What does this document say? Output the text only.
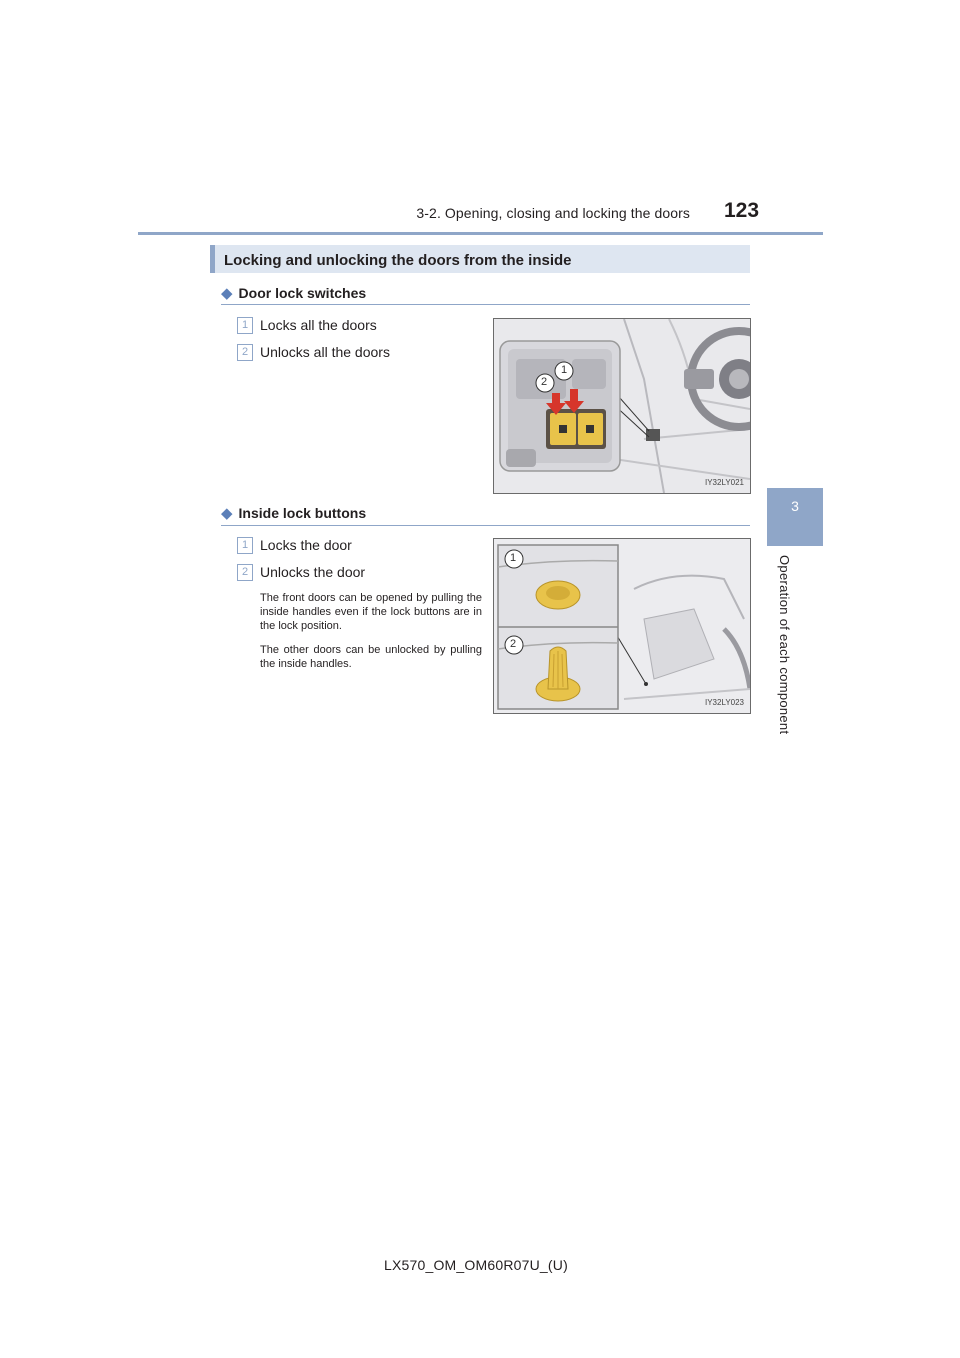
3-2. Opening, closing and locking the doors 123
3
Operation of each component
Locking and unlocking the doors from the inside
◆ Door lock switches
1 Locks all the doors
2 Unlocks all the doors
2
1
IY32LY021
◆ Inside lock buttons
1 Locks the door
2 Unlocks the door
The front doors can be opened by pulling the inside handles even if the lock buttons are in the lock position.
The other doors can be unlocked by pulling the inside handles.
1
2
IY32LY023
LX570_OM_OM60R07U_(U)
